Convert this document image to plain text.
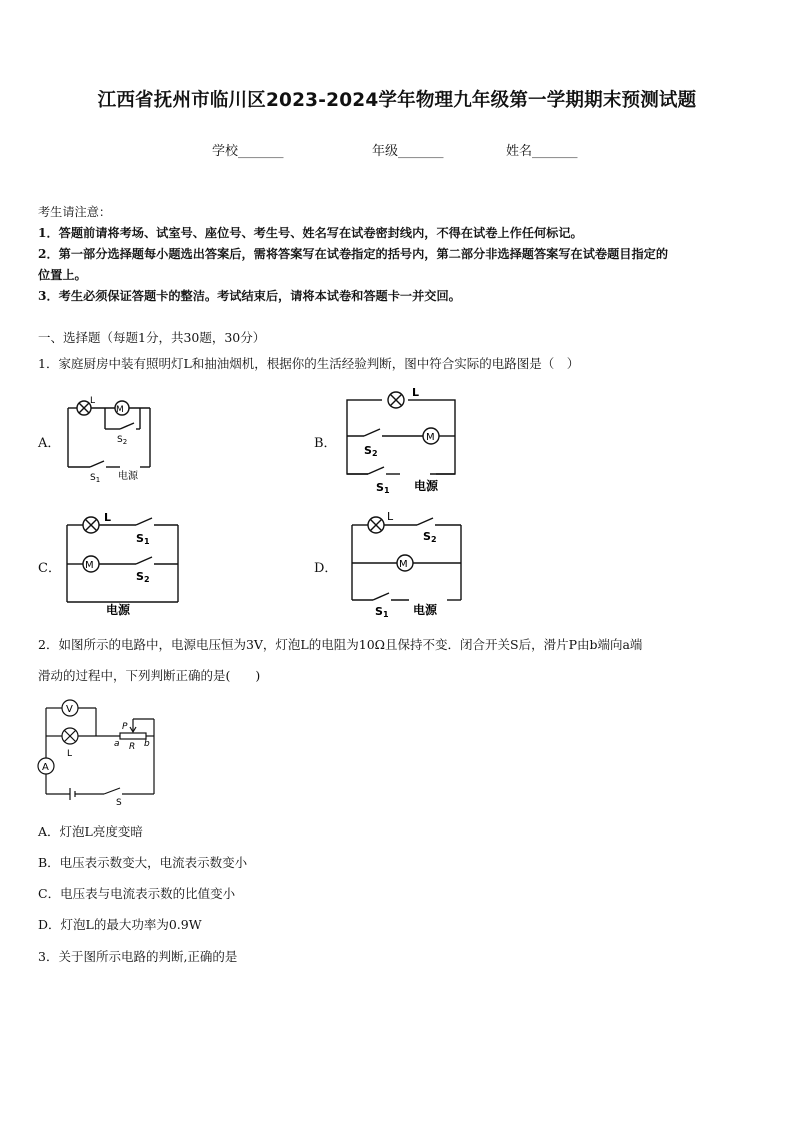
江西省抚州市临川区2023-2024学年物理九年级第一学期期末预测试题
学校_______	年级_______	姓名_______
考生请注意：
1．答题前请将考场、试室号、座位号、考生号、姓名写在试卷密封线内，不得在试卷上作任何标记。
2．第一部分选择题每小题选出答案后，需将答案写在试卷指定的括号内，第二部分非选择题答案写在试卷题目指定的
位置上。
3．考生必须保证答题卡的整洁。考试结束后，请将本试卷和答题卡一并交回。
一、选择题（每题1分，共30题，30分）
1．家庭厨房中装有照明灯L和抽油烟机，根据你的生活经验判断，图中符合实际的电路图是（　）
A．	B．
C．	D．
M
L
$S_2$
$S_1$ 电源
M
L
S2
S1 电源
M
L
S1
S2
电源
M
L
S2
S1 电源
2．如图所示的电路中，电源电压恒为3V，灯泡L的电阻为10Ω且保持不变．闭合开关S后，滑片P由b端向a端
滑动的过程中，下列判断正确的是(　　)
V
A
L
P
a R b
S
A．灯泡L亮度变暗
B．电压表示数变大，电流表示数变小
C．电压表与电流表示数的比值变小
D．灯泡L的最大功率为0.9W
3．关于图所示电路的判断,正确的是
